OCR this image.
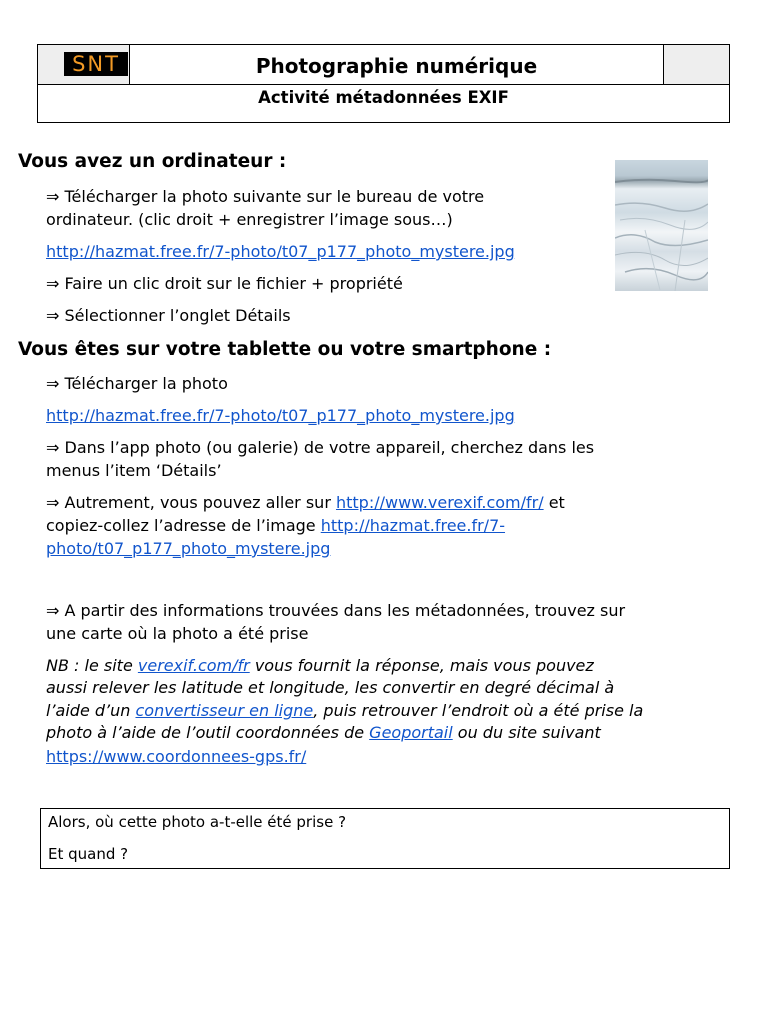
SNT	Photographie numérique
Activité métadonnées EXIF
Vous avez un ordinateur :
⇒ Télécharger la photo suivante sur le bureau de votre
ordinateur. (clic droit + enregistrer l’image sous…)
http://hazmat.free.fr/7-photo/t07_p177_photo_mystere.jpg
⇒ Faire un clic droit sur le fichier + propriété
⇒ Sélectionner l’onglet Détails
Vous êtes sur votre tablette ou votre smartphone :
⇒ Télécharger la photo
http://hazmat.free.fr/7-photo/t07_p177_photo_mystere.jpg
⇒ Dans l’app photo (ou galerie) de votre appareil, cherchez dans les
menus l’item ‘Détails’
⇒ Autrement, vous pouvez aller sur http://www.verexif.com/fr/ et
copiez-collez l’adresse de l’image http://hazmat.free.fr/7-
photo/t07_p177_photo_mystere.jpg
⇒ A partir des informations trouvées dans les métadonnées, trouvez sur
une carte où la photo a été prise
NB : le site verexif.com/fr vous fournit la réponse, mais vous pouvez
aussi relever les latitude et longitude, les convertir en degré décimal à
l’aide d’un convertisseur en ligne, puis retrouver l’endroit où a été prise la
photo à l’aide de l’outil coordonnées de Geoportail ou du site suivant
https://www.coordonnees-gps.fr/
Alors, où cette photo a-t-elle été prise ?
Et quand ?
